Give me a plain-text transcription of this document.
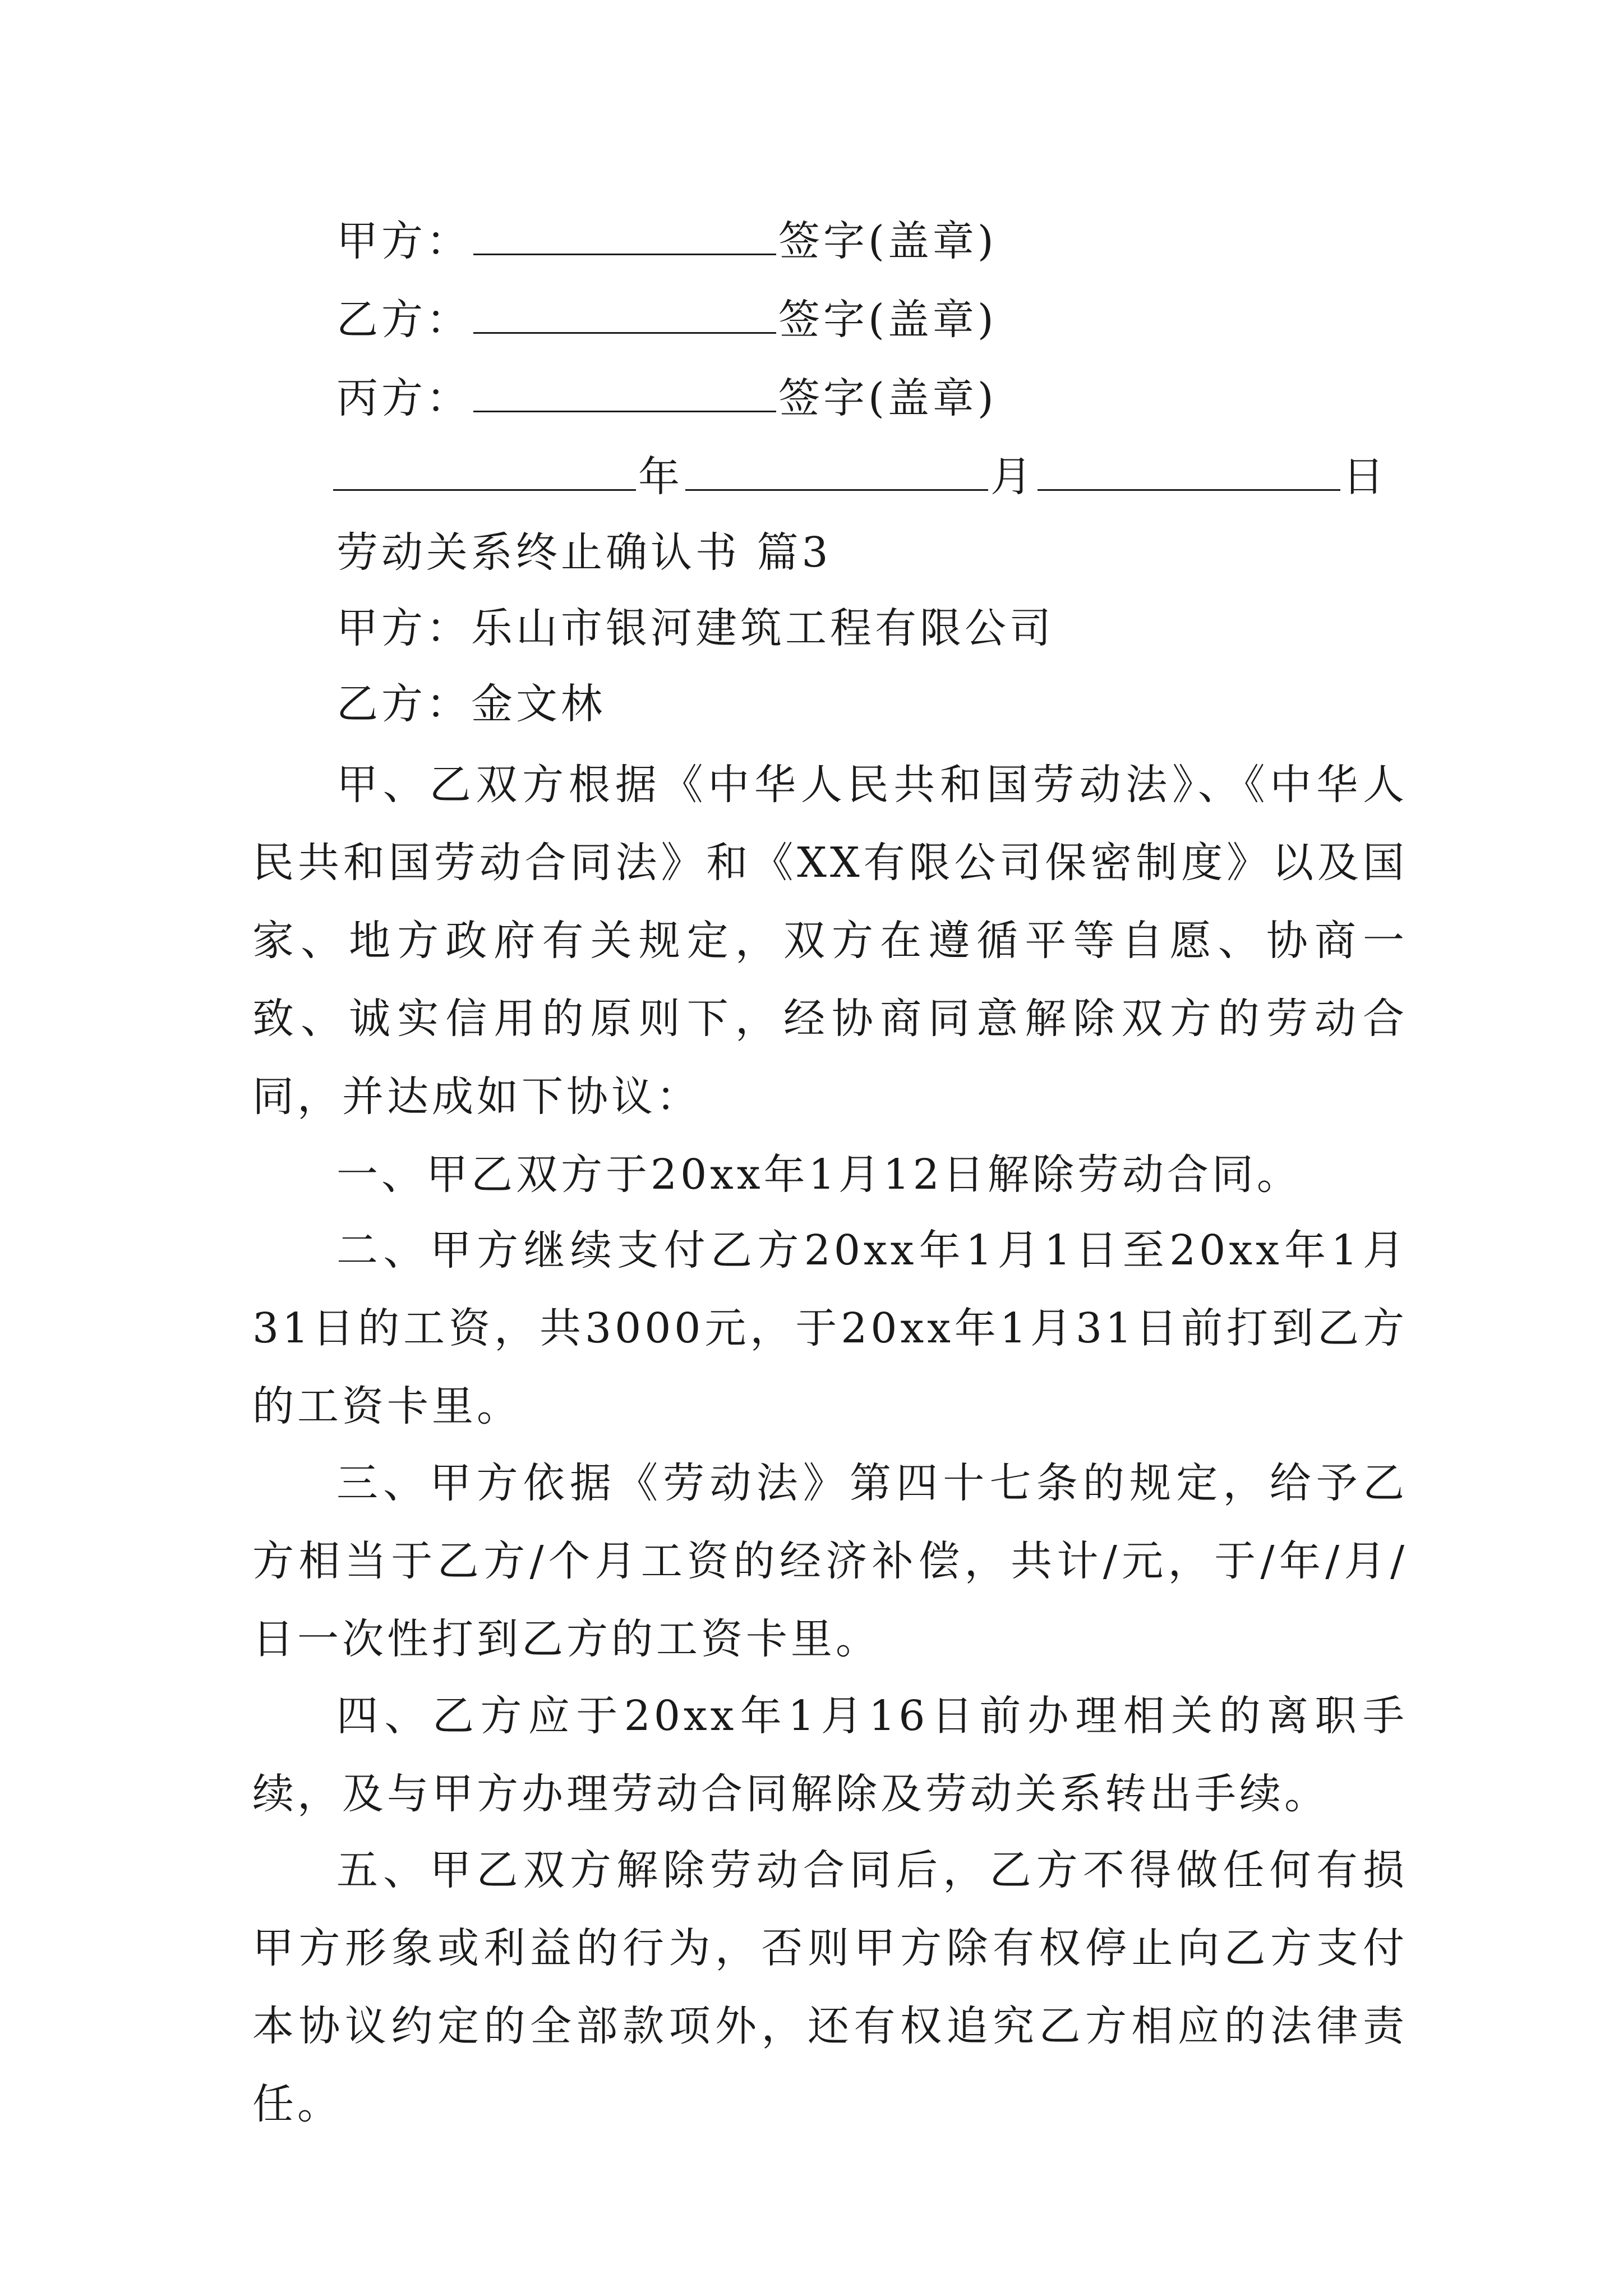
甲方：	签字(盖章)
乙方：	签字(盖章)
丙方：	签字(盖章)
年	月	日
劳动关系终止确认书 篇3
甲方：乐山市银河建筑工程有限公司
乙方：金文林

甲、乙双方根据《中华人民共和国劳动法》、《中华人民共和国劳动合同法》和《XX有限公司保密制度》以及国家、地方政府有关规定，双方在遵循平等自愿、协商一致、诚实信用的原则下，经协商同意解除双方的劳动合同，并达成如下协议：

一、甲乙双方于20xx年1月12日解除劳动合同。

二、甲方继续支付乙方20xx年1月1日至20xx年1月31日的工资，共3000元，于20xx年1月31日前打到乙方的工资卡里。

三、甲方依据《劳动法》第四十七条的规定，给予乙方相当于乙方/个月工资的经济补偿，共计/元，于/年/月/日一次性打到乙方的工资卡里。

四、乙方应于20xx年1月16日前办理相关的离职手续，及与甲方办理劳动合同解除及劳动关系转出手续。

五、甲乙双方解除劳动合同后，乙方不得做任何有损甲方形象或利益的行为，否则甲方除有权停止向乙方支付本协议约定的全部款项外，还有权追究乙方相应的法律责任。
